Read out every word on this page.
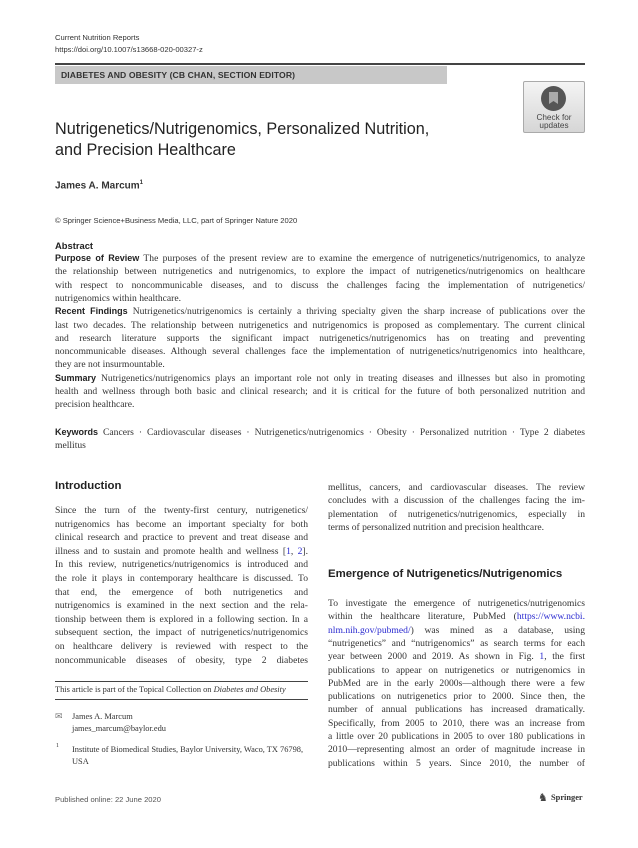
Current Nutrition Reports
https://doi.org/10.1007/s13668-020-00327-z
DIABETES AND OBESITY (CB CHAN, SECTION EDITOR)
Check for
updates
Nutrigenetics/Nutrigenomics, Personalized Nutrition,
and Precision Healthcare
James A. Marcum$^1$
© Springer Science+Business Media, LLC, part of Springer Nature 2020
Abstract
Purpose of Review The purposes of the present review are to examine the emergence of nutrigenetics/nutrigenomics, to analyze
the relationship between nutrigenetics and nutrigenomics, to explore the impact of nutrigenetics/nutrigenomics on healthcare
with respect to noncommunicable diseases, and to discuss the challenges facing the implementation of nutrigenetics/
nutrigenomics within healthcare.
Recent Findings Nutrigenetics/nutrigenomics is certainly a thriving specialty given the sharp increase of publications over the
last two decades. The relationship between nutrigenetics and nutrigenomics is proposed as complementary. The current clinical
and research literature supports the significant impact nutrigenetics/nutrigenomics has on treating and preventing
noncommunicable diseases. Although several challenges face the implementation of nutrigenetics/nutrigenomics into healthcare,
they are not insurmountable.
Summary Nutrigenetics/nutrigenomics plays an important role not only in treating diseases and illnesses but also in promoting
health and wellness through both basic and clinical research; and it is critical for the future of both personalized nutrition and
precision healthcare.
Keywords Cancers · Cardiovascular diseases · Nutrigenetics/nutrigenomics · Obesity · Personalized nutrition · Type 2 diabetes
mellitus
Introduction
Since the turn of the twenty-first century, nutrigenetics/
nutrigenomics has become an important specialty for both
clinical research and practice to prevent and treat disease and
illness and to sustain and promote health and wellness [1, 2].
In this review, nutrigenetics/nutrigenomics is introduced and
the role it plays in contemporary healthcare is discussed. To
that end, the emergence of both nutrigenetics and
nutrigenomics is examined in the next section and the rela-
tionship between them is explored in a following section. In a
subsequent section, the impact of nutrigenetics/nutrigenomics
on healthcare delivery is reviewed with respect to the
noncommunicable diseases of obesity, type 2 diabetes
mellitus, cancers, and cardiovascular diseases. The review
concludes with a discussion of the challenges facing the im-
plementation of nutrigenetics/nutrigenomics, especially in
terms of personalized nutrition and precision healthcare.
Emergence of Nutrigenetics/Nutrigenomics
To investigate the emergence of nutrigenetics/nutrigenomics
within the healthcare literature, PubMed (https://www.ncbi.
nlm.nih.gov/pubmed/) was mined as a database, using
“nutrigenetics” and “nutrigenomics” as search terms for each
year between 2000 and 2019. As shown in Fig. 1, the first
publications to appear on nutrigenetics or nutrigenomics in
PubMed are in the early 2000s—although there were a few
publications on nutrigenetics prior to 2000. Since then, the
number of annual publications has increased dramatically.
Specifically, from 2005 to 2010, there was an increase from
a little over 20 publications in 2005 to over 180 publications in
2010—representing almost an order of magnitude increase in
publications within 5 years. Since 2010, the number of
This article is part of the Topical Collection on Diabetes and Obesity
✉ James A. Marcum
james_marcum@baylor.edu
1 Institute of Biomedical Studies, Baylor University, Waco, TX 76798,
USA
Published online: 22 June 2020	♞ Springer
